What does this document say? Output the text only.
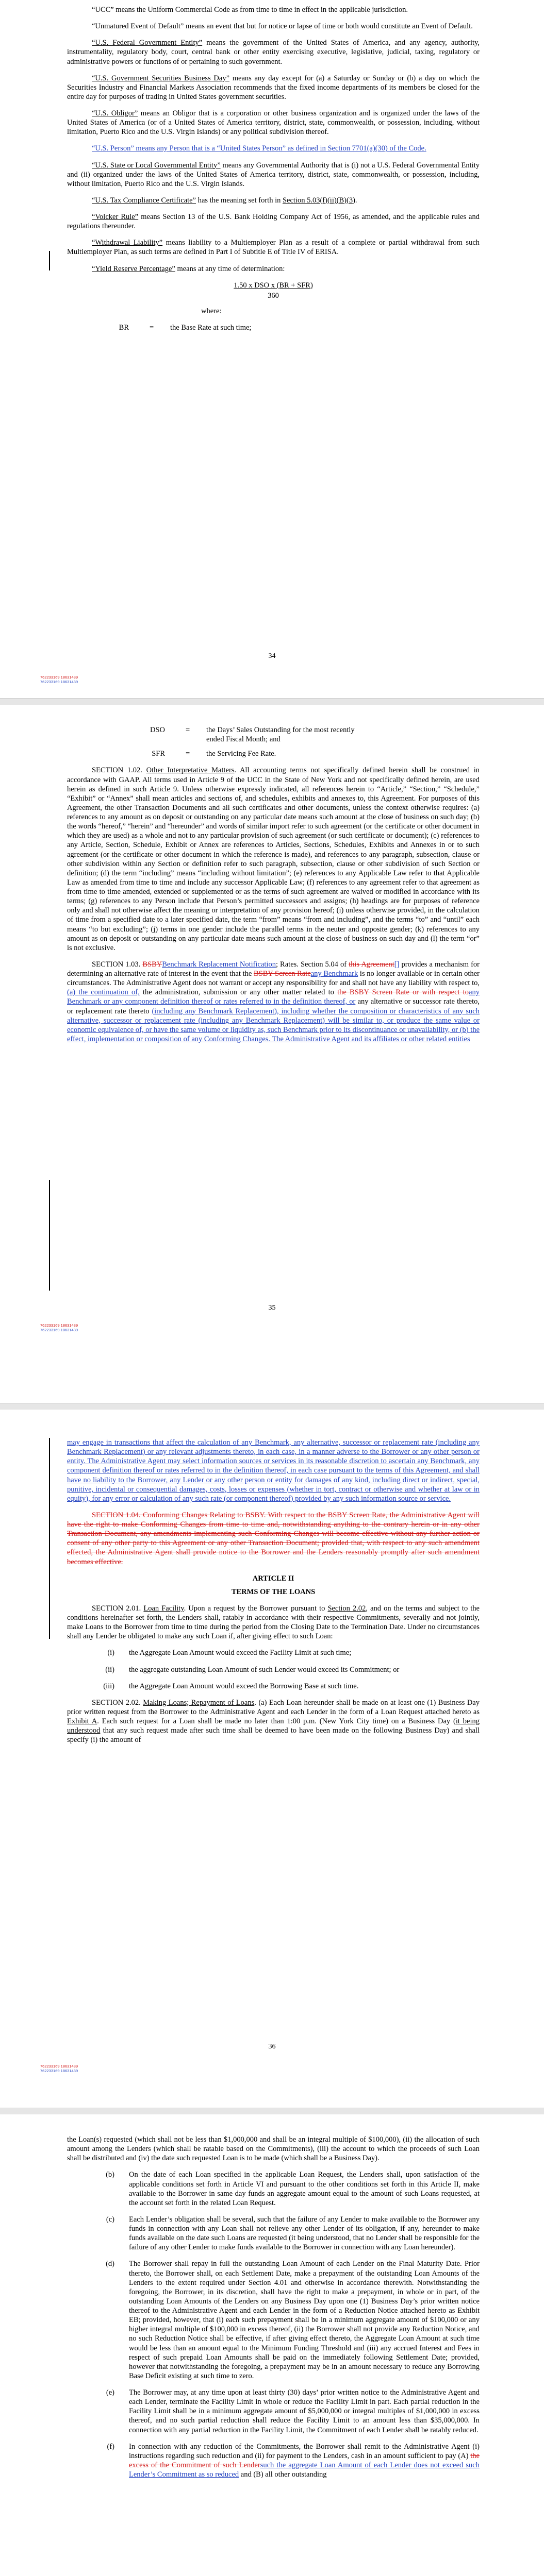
“UCC” means the Uniform Commercial Code as from time to time in effect in the applicable jurisdiction.

“Unmatured Event of Default” means an event that but for notice or lapse of time or both would constitute an Event of Default.

“U.S. Federal Government Entity” means the government of the United States of America, and any agency, authority, instrumentality, regulatory body, court, central bank or other entity exercising executive, legislative, judicial, taxing, regulatory or administrative powers or functions of or pertaining to such government.

“U.S. Government Securities Business Day” means any day except for (a) a Saturday or Sunday or (b) a day on which the Securities Industry and Financial Markets Association recommends that the fixed income departments of its members be closed for the entire day for purposes of trading in United States government securities.

“U.S. Obligor” means an Obligor that is a corporation or other business organization and is organized under the laws of the United States of America (or of a United States of America territory, district, state, commonwealth, or possession, including, without limitation, Puerto Rico and the U.S. Virgin Islands) or any political subdivision thereof.

“U.S. Person” means any Person that is a “United States Person” as defined in Section 7701(a)(30) of the Code.

“U.S. State or Local Governmental Entity” means any Governmental Authority that is (i) not a U.S. Federal Governmental Entity and (ii) organized under the laws of the United States of America territory, district, state, commonwealth, or possession, including, without limitation, Puerto Rico and the U.S. Virgin Islands.

“U.S. Tax Compliance Certificate” has the meaning set forth in Section 5.03(f)(ii)(B)(3).

“Volcker Rule” means Section 13 of the U.S. Bank Holding Company Act of 1956, as amended, and the applicable rules and regulations thereunder.

“Withdrawal Liability” means liability to a Multiemployer Plan as a result of a complete or partial withdrawal from such Multiemployer Plan, as such terms are defined in Part I of Subtitle E of Title IV of ERISA.

“Yield Reserve Percentage” means at any time of determination:

1.50 x DSO x (BR + SFR)
360
where:
BR	=	the Base Rate at such time;
34
762233169 18631439
762233169 18631439
DSO	=	the Days’ Sales Outstanding for the most recently ended Fiscal Month; and
SFR	=	the Servicing Fee Rate.

SECTION 1.02. Other Interpretative Matters. All accounting terms not specifically defined herein shall be construed in accordance with GAAP. All terms used in Article 9 of the UCC in the State of New York and not specifically defined herein, are used herein as defined in such Article 9. Unless otherwise expressly indicated, all references herein to “Article,” “Section,” “Schedule,” “Exhibit” or “Annex” shall mean articles and sections of, and schedules, exhibits and annexes to, this Agreement. For purposes of this Agreement, the other Transaction Documents and all such certificates and other documents, unless the context otherwise requires: (a) references to any amount as on deposit or outstanding on any particular date means such amount at the close of business on such day; (b) the words “hereof,” “herein” and “hereunder” and words of similar import refer to such agreement (or the certificate or other document in which they are used) as a whole and not to any particular provision of such agreement (or such certificate or document); (c) references to any Article, Section, Schedule, Exhibit or Annex are references to Articles, Sections, Schedules, Exhibits and Annexes in or to such agreement (or the certificate or other document in which the reference is made), and references to any paragraph, subsection, clause or other subdivision within any Section or definition refer to such paragraph, subsection, clause or other subdivision of such Section or definition; (d) the term “including” means “including without limitation”; (e) references to any Applicable Law refer to that Applicable Law as amended from time to time and include any successor Applicable Law; (f) references to any agreement refer to that agreement as from time to time amended, extended or supplemented or as the terms of such agreement are waived or modified in accordance with its terms; (g) references to any Person include that Person’s permitted successors and assigns; (h) headings are for purposes of reference only and shall not otherwise affect the meaning or interpretation of any provision hereof; (i) unless otherwise provided, in the calculation of time from a specified date to a later specified date, the term “from” means “from and including”, and the terms “to” and “until” each means “to but excluding”; (j) terms in one gender include the parallel terms in the neuter and opposite gender; (k) references to any amount as on deposit or outstanding on any particular date means such amount at the close of business on such day and (l) the term “or” is not exclusive.

SECTION 1.03. BSBYBenchmark Replacement Notification; Rates. Section 5.04 of this Agreement[] provides a mechanism for determining an alternative rate of interest in the event that the BSBY Screen Rateany Benchmark is no longer available or in certain other circumstances. The Administrative Agent does not warrant or accept any responsibility for and shall not have any liability with respect to, (a) the continuation of, the administration, submission or any other matter related to the BSBY Screen Rate or with respect toany Benchmark or any component definition thereof or rates referred to in the definition thereof, or any alternative or successor rate thereto, or replacement rate thereto (including any Benchmark Replacement), including whether the composition or characteristics of any such alternative, successor or replacement rate (including any Benchmark Replacement) will be similar to, or produce the same value or economic equivalence of, or have the same volume or liquidity as, such Benchmark prior to its discontinuance or unavailability, or (b) the effect, implementation or composition of any Conforming Changes. The Administrative Agent and its affiliates or other related entities

35
762233169 18631439
762233169 18631439

may engage in transactions that affect the calculation of any Benchmark, any alternative, successor or replacement rate (including any Benchmark Replacement) or any relevant adjustments thereto, in each case, in a manner adverse to the Borrower or any other person or entity. The Administrative Agent may select information sources or services in its reasonable discretion to ascertain any Benchmark, any component definition thereof or rates referred to in the definition thereof, in each case pursuant to the terms of this Agreement, and shall have no liability to the Borrower, any Lender or any other person or entity for damages of any kind, including direct or indirect, special, punitive, incidental or consequential damages, costs, losses or expenses (whether in tort, contract or otherwise and whether at law or in equity), for any error or calculation of any such rate (or component thereof) provided by any such information source or service.

SECTION 1.04. Conforming Changes Relating to BSBY. With respect to the BSBY Screen Rate, the Administrative Agent will have the right to make Conforming Changes from time to time and, notwithstanding anything to the contrary herein or in any other Transaction Document, any amendments implementing such Conforming Changes will become effective without any further action or consent of any other party to this Agreement or any other Transaction Document; provided that, with respect to any such amendment effected, the Administrative Agent shall provide notice to the Borrower and the Lenders reasonably promptly after such amendment becomes effective.

ARTICLE II

TERMS OF THE LOANS

SECTION 2.01. Loan Facility. Upon a request by the Borrower pursuant to Section 2.02, and on the terms and subject to the conditions hereinafter set forth, the Lenders shall, ratably in accordance with their respective Commitments, severally and not jointly, make Loans to the Borrower from time to time during the period from the Closing Date to the Termination Date. Under no circumstances shall any Lender be obligated to make any such Loan if, after giving effect to such Loan:

(i)	the Aggregate Loan Amount would exceed the Facility Limit at such time;
(ii)	the aggregate outstanding Loan Amount of such Lender would exceed its Commitment; or
(iii)	the Aggregate Loan Amount would exceed the Borrowing Base at such time.

SECTION 2.02. Making Loans; Repayment of Loans. (a) Each Loan hereunder shall be made on at least one (1) Business Day prior written request from the Borrower to the Administrative Agent and each Lender in the form of a Loan Request attached hereto as Exhibit A. Each such request for a Loan shall be made no later than 1:00 p.m. (New York City time) on a Business Day (it being understood that any such request made after such time shall be deemed to have been made on the following Business Day) and shall specify (i) the amount of

36
762233169 18631439
762233169 18631439

the Loan(s) requested (which shall not be less than $1,000,000 and shall be an integral multiple of $100,000), (ii) the allocation of such amount among the Lenders (which shall be ratable based on the Commitments), (iii) the account to which the proceeds of such Loan shall be distributed and (iv) the date such requested Loan is to be made (which shall be a Business Day).

(b)	On the date of each Loan specified in the applicable Loan Request, the Lenders shall, upon satisfaction of the applicable conditions set forth in Article VI and pursuant to the other conditions set forth in this Article II, make available to the Borrower in same day funds an aggregate amount equal to the amount of such Loans requested, at the account set forth in the related Loan Request.
(c)	Each Lender’s obligation shall be several, such that the failure of any Lender to make available to the Borrower any funds in connection with any Loan shall not relieve any other Lender of its obligation, if any, hereunder to make funds available on the date such Loans are requested (it being understood, that no Lender shall be responsible for the failure of any other Lender to make funds available to the Borrower in connection with any Loan hereunder).
(d)	The Borrower shall repay in full the outstanding Loan Amount of each Lender on the Final Maturity Date. Prior thereto, the Borrower shall, on each Settlement Date, make a prepayment of the outstanding Loan Amounts of the Lenders to the extent required under Section 4.01 and otherwise in accordance therewith. Notwithstanding the foregoing, the Borrower, in its discretion, shall have the right to make a prepayment, in whole or in part, of the outstanding Loan Amounts of the Lenders on any Business Day upon one (1) Business Day’s prior written notice thereof to the Administrative Agent and each Lender in the form of a Reduction Notice attached hereto as Exhibit EB; provided, however, that (i) each such prepayment shall be in a minimum aggregate amount of $100,000 or any higher integral multiple of $100,000 in excess thereof, (ii) the Borrower shall not provide any Reduction Notice, and no such Reduction Notice shall be effective, if after giving effect thereto, the Aggregate Loan Amount at such time would be less than an amount equal to the Minimum Funding Threshold and (iii) any accrued Interest and Fees in respect of such prepaid Loan Amounts shall be paid on the immediately following Settlement Date; provided, however that notwithstanding the foregoing, a prepayment may be in an amount necessary to reduce any Borrowing Base Deficit existing at such time to zero.
(e)	The Borrower may, at any time upon at least thirty (30) days’ prior written notice to the Administrative Agent and each Lender, terminate the Facility Limit in whole or reduce the Facility Limit in part. Each partial reduction in the Facility Limit shall be in a minimum aggregate amount of $5,000,000 or integral multiples of $1,000,000 in excess thereof, and no such partial reduction shall reduce the Facility Limit to an amount less than $35,000,000. In connection with any partial reduction in the Facility Limit, the Commitment of each Lender shall be ratably reduced.
(f)	In connection with any reduction of the Commitments, the Borrower shall remit to the Administrative Agent (i) instructions regarding such reduction and (ii) for payment to the Lenders, cash in an amount sufficient to pay (A) the excess of the Commitment of such Lendersuch the aggregate Loan Amount of each Lender does not exceed such Lender’s Commitment as so reduced and (B) all other outstanding
